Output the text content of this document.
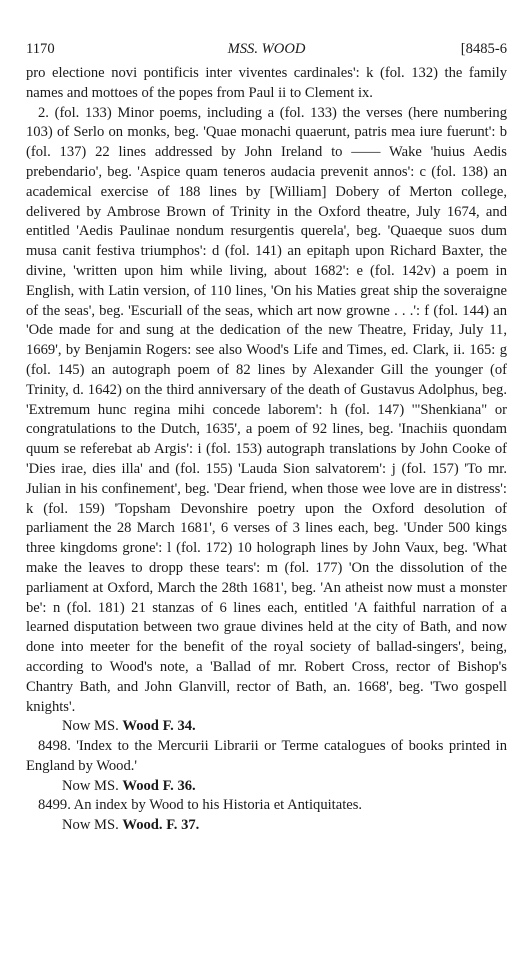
1170	MSS. WOOD	[8485-6

pro electione novi pontificis inter viventes cardinales': k (fol. 132) the family names and mottoes of the popes from Paul ii to Clement ix.

2. (fol. 133) Minor poems, including a (fol. 133) the verses (here numbering 103) of Serlo on monks, beg. 'Quae monachi quaerunt, patris mea iure fuerunt': b (fol. 137) 22 lines addressed by John Ireland to —— Wake 'huius Aedis prebendario', beg. 'Aspice quam teneros audacia prevenit annos': c (fol. 138) an academical exercise of 188 lines by [William] Dobery of Merton college, delivered by Ambrose Brown of Trinity in the Oxford theatre, July 1674, and entitled 'Aedis Paulinae nondum resurgentis querela', beg. 'Quaeque suos dum musa canit festiva triumphos': d (fol. 141) an epitaph upon Richard Baxter, the divine, 'written upon him while living, about 1682': e (fol. 142v) a poem in English, with Latin version, of 110 lines, 'On his Maties great ship the soveraigne of the seas', beg. 'Escuriall of the seas, which art now growne . . .': f (fol. 144) an 'Ode made for and sung at the dedication of the new Theatre, Friday, July 11, 1669', by Benjamin Rogers: see also Wood's Life and Times, ed. Clark, ii. 165: g (fol. 145) an autograph poem of 82 lines by Alexander Gill the younger (of Trinity, d. 1642) on the third anniversary of the death of Gustavus Adolphus, beg. 'Extremum hunc regina mihi concede laborem': h (fol. 147) '"Shenkiana" or congratulations to the Dutch, 1635', a poem of 92 lines, beg. 'Inachiis quondam quum se referebat ab Argis': i (fol. 153) autograph translations by John Cooke of 'Dies irae, dies illa' and (fol. 155) 'Lauda Sion salvatorem': j (fol. 157) 'To mr. Julian in his confinement', beg. 'Dear friend, when those wee love are in distress': k (fol. 159) 'Topsham Devonshire poetry upon the Oxford desolution of parliament the 28 March 1681', 6 verses of 3 lines each, beg. 'Under 500 kings three kingdoms grone': l (fol. 172) 10 holograph lines by John Vaux, beg. 'What make the leaves to dropp these tears': m (fol. 177) 'On the dissolution of the parliament at Oxford, March the 28th 1681', beg. 'An atheist now must a monster be': n (fol. 181) 21 stanzas of 6 lines each, entitled 'A faithful narration of a learned disputation between two graue divines held at the city of Bath, and now done into meeter for the benefit of the royal society of ballad-singers', being, according to Wood's note, a 'Ballad of mr. Robert Cross, rector of Bishop's Chantry Bath, and John Glanvill, rector of Bath, an. 1668', beg. 'Two gospell knights'.

Now MS. Wood F. 34.

8498. 'Index to the Mercurii Librarii or Terme catalogues of books printed in England by Wood.'

Now MS. Wood F. 36.

8499. An index by Wood to his Historia et Antiquitates.

Now MS. Wood. F. 37.
